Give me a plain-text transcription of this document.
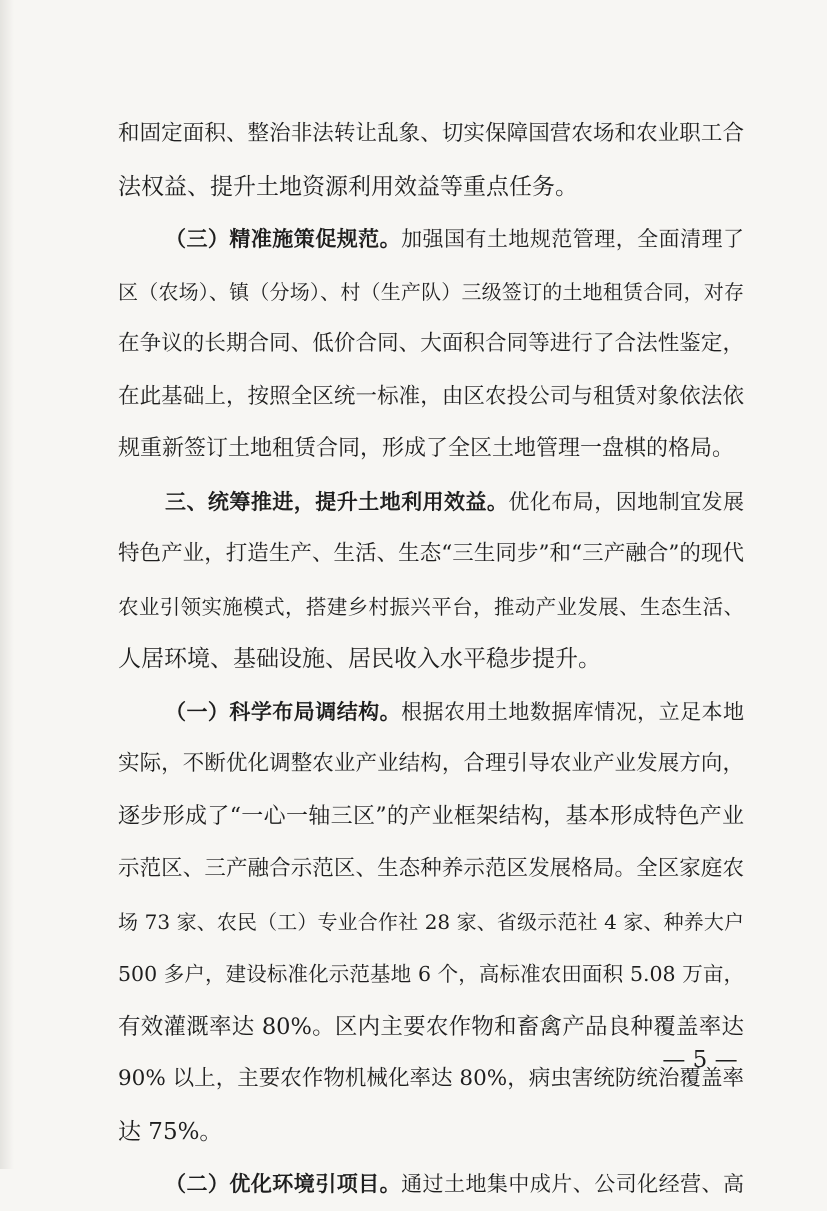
和固定面积、整治非法转让乱象、切实保障国营农场和农业职工合
法权益、提升土地资源利用效益等重点任务。
（三）精准施策促规范。加强国有土地规范管理，全面清理了
区（农场）、镇（分场）、村（生产队）三级签订的土地租赁合同，对存
在争议的长期合同、低价合同、大面积合同等进行了合法性鉴定，
在此基础上，按照全区统一标准，由区农投公司与租赁对象依法依
规重新签订土地租赁合同，形成了全区土地管理一盘棋的格局。
三、统筹推进，提升土地利用效益。优化布局，因地制宜发展
特色产业，打造生产、生活、生态“三生同步”和“三产融合”的现代
农业引领实施模式，搭建乡村振兴平台，推动产业发展、生态生活、
人居环境、基础设施、居民收入水平稳步提升。
（一）科学布局调结构。根据农用土地数据库情况，立足本地
实际，不断优化调整农业产业结构，合理引导农业产业发展方向，
逐步形成了“一心一轴三区”的产业框架结构，基本形成特色产业
示范区、三产融合示范区、生态种养示范区发展格局。全区家庭农
场 73 家、农民（工）专业合作社 28 家、省级示范社 4 家、种养大户
500 多户，建设标准化示范基地 6 个，高标准农田面积 5.08 万亩，
有效灌溉率达 80%。区内主要农作物和畜禽产品良种覆盖率达
90% 以上，主要农作物机械化率达 80%，病虫害统防统治覆盖率
达 75%。
（二）优化环境引项目。通过土地集中成片、公司化经营、高
— 5 —
